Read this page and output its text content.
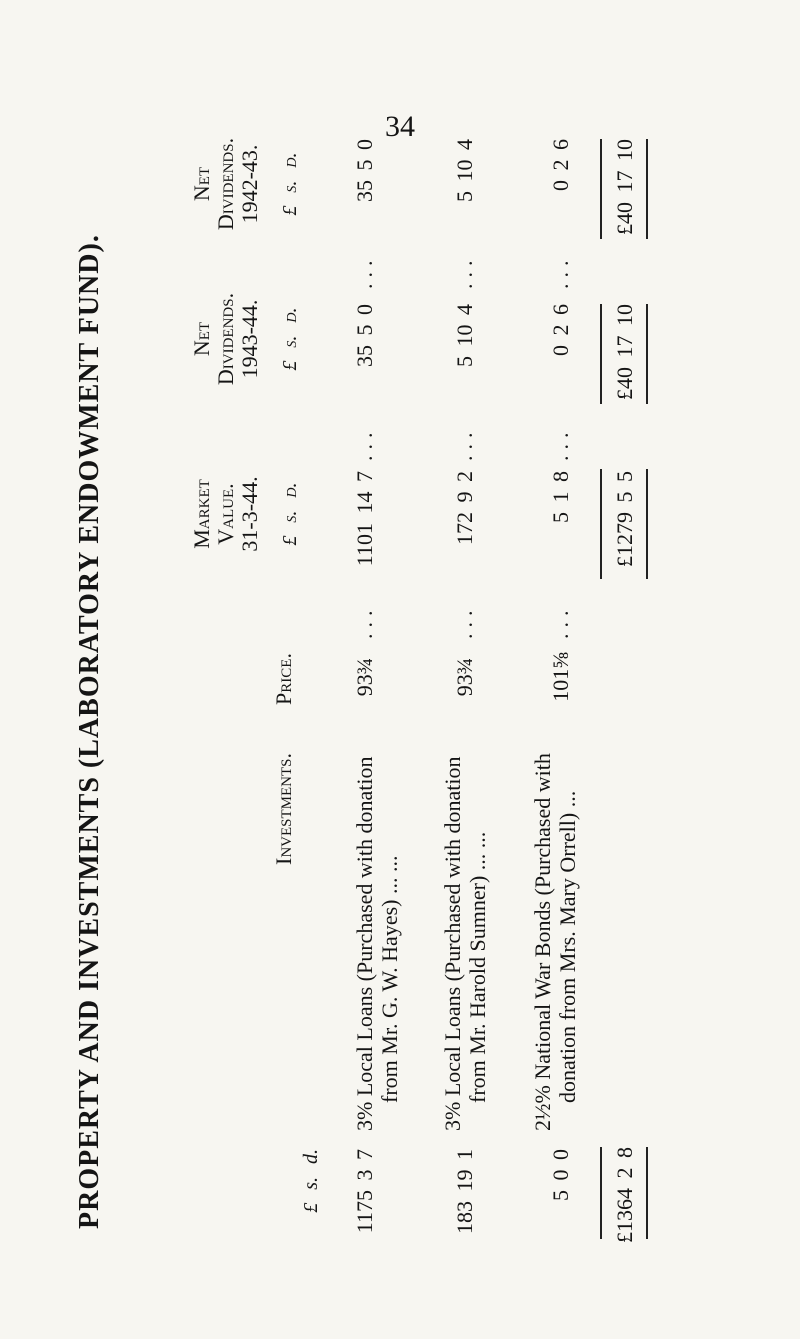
34
PROPERTY AND INVESTMENTS (LABORATORY ENDOWMENT FUND).	Investments.
Price.
Market Value. 31-3-44. £ s. d.
Net Dividends. 1943-44. £ s. d.
Net Dividends. 1942-43. £ s. d.
£ s. d. 1175 3 7
3% Local Loans (Purchased with donation from Mr. G. W. Hayes) ... ...
93¾
...
1101 14 7
...
35 5 0
...
35 5 0
183 19 1
3% Local Loans (Purchased with donation from Mr. Harold Sumner) ... ...
93¾
...
172 9 2
...
5 10 4
...
5 10 4
5 0 0
2½% National War Bonds (Purchased with donation from Mrs. Mary Orrell) ...
101⅝
...
5 1 8
...
0 2 6
...
0 2 6
£1364 2 8
£1279 5 5
£40 17 10
£40 17 10
